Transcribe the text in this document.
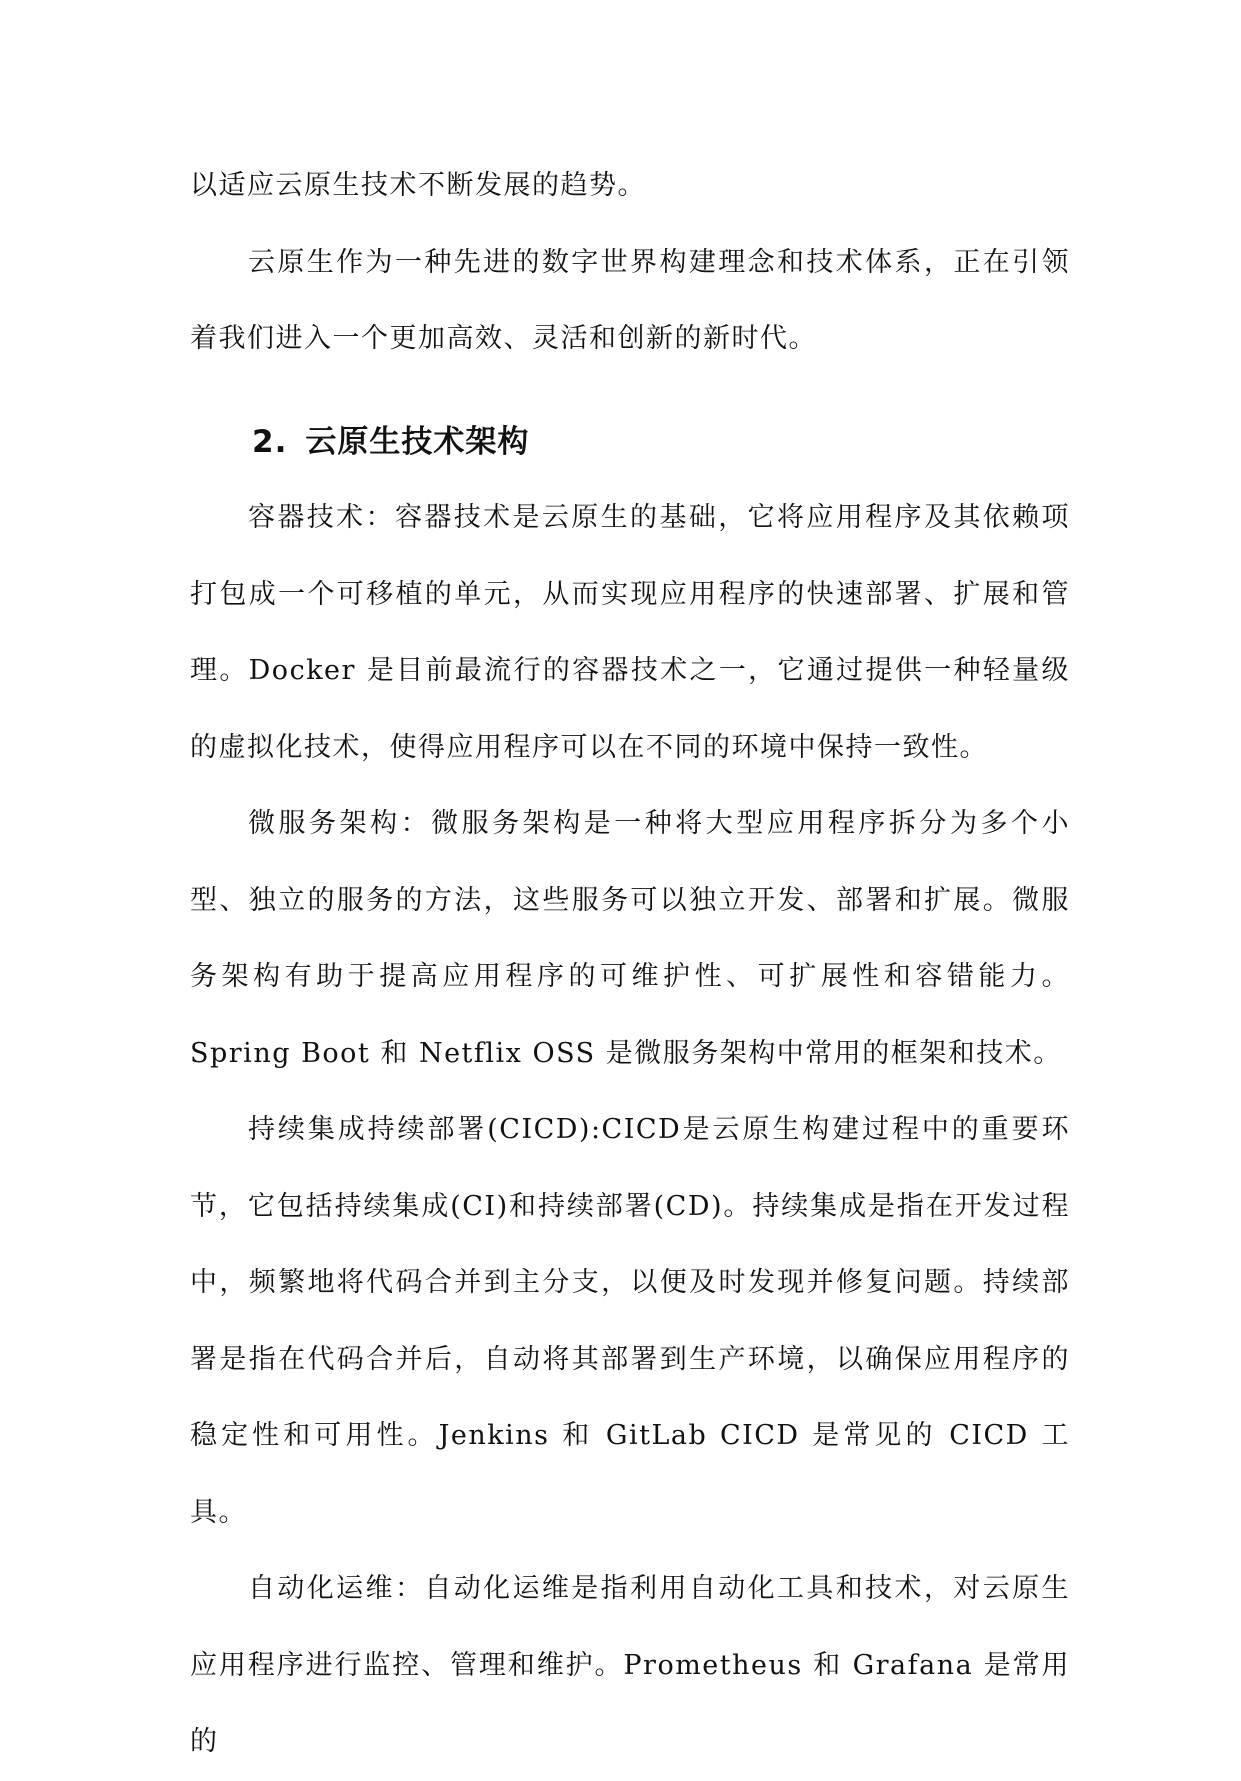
以适应云原生技术不断发展的趋势。

云原生作为一种先进的数字世界构建理念和技术体系，正在引领着我们进入一个更加高效、灵活和创新的新时代。

2. 云原生技术架构

容器技术：容器技术是云原生的基础，它将应用程序及其依赖项打包成一个可移植的单元，从而实现应用程序的快速部署、扩展和管理。Docker 是目前最流行的容器技术之一，它通过提供一种轻量级的虚拟化技术，使得应用程序可以在不同的环境中保持一致性。

微服务架构：微服务架构是一种将大型应用程序拆分为多个小型、独立的服务的方法，这些服务可以独立开发、部署和扩展。微服务架构有助于提高应用程序的可维护性、可扩展性和容错能力。Spring Boot 和 Netflix OSS 是微服务架构中常用的框架和技术。

持续集成持续部署(CICD):CICD是云原生构建过程中的重要环节，它包括持续集成(CI)和持续部署(CD)。持续集成是指在开发过程中，频繁地将代码合并到主分支，以便及时发现并修复问题。持续部署是指在代码合并后，自动将其部署到生产环境，以确保应用程序的稳定性和可用性。Jenkins 和 GitLab CICD 是常见的 CICD 工具。

自动化运维：自动化运维是指利用自动化工具和技术，对云原生应用程序进行监控、管理和维护。Prometheus 和 Grafana 是常用的
